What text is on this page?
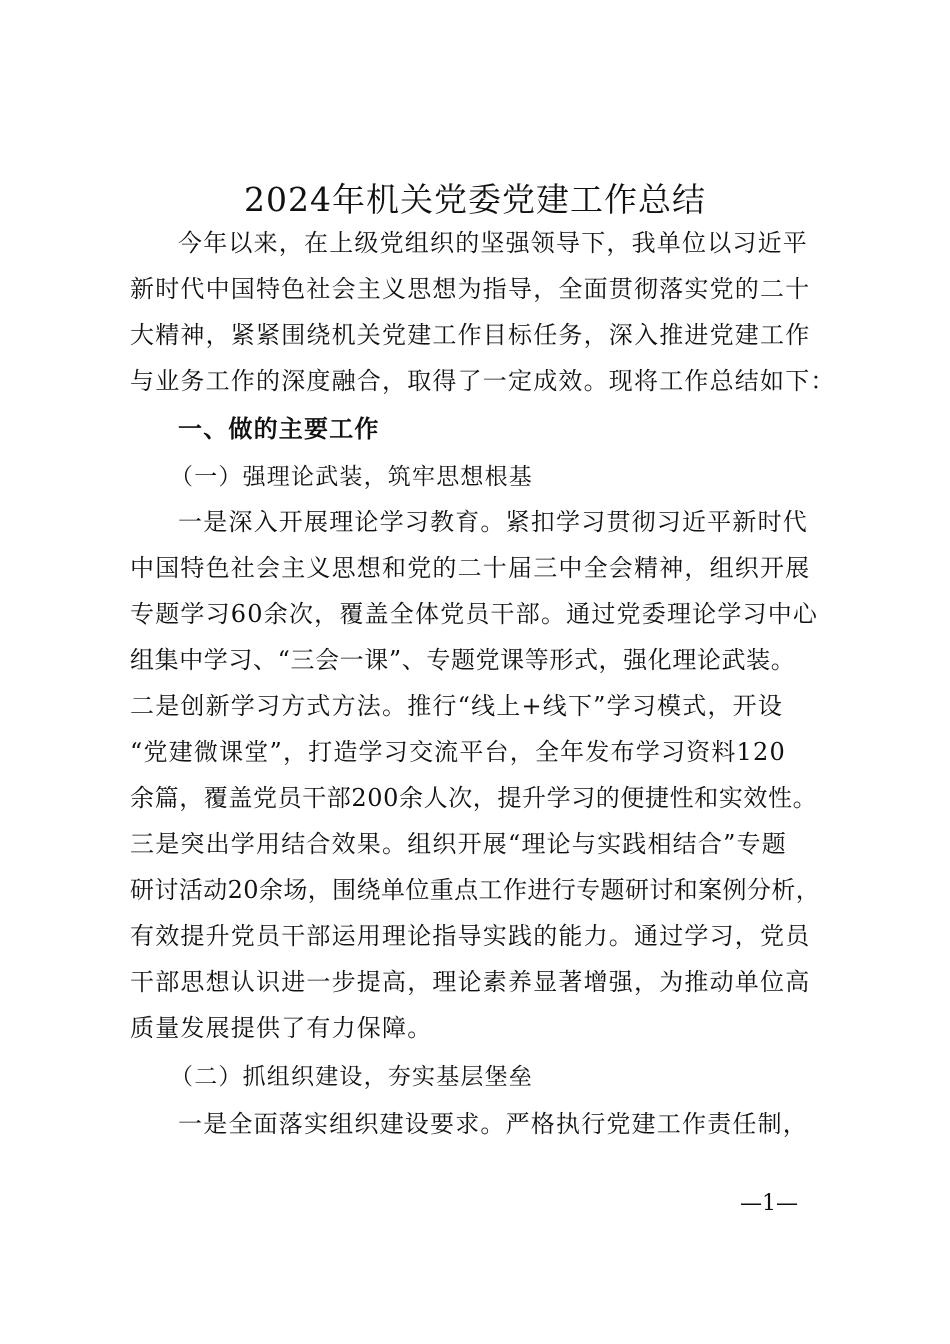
2024年机关党委党建工作总结
今年以来，在上级党组织的坚强领导下，我单位以习近平
新时代中国特色社会主义思想为指导，全面贯彻落实党的二十
大精神，紧紧围绕机关党建工作目标任务，深入推进党建工作
与业务工作的深度融合，取得了一定成效。现将工作总结如下：
一、做的主要工作
（一）强理论武装，筑牢思想根基
一是深入开展理论学习教育。紧扣学习贯彻习近平新时代
中国特色社会主义思想和党的二十届三中全会精神，组织开展
专题学习60余次，覆盖全体党员干部。通过党委理论学习中心
组集中学习、“三会一课”、专题党课等形式，强化理论武装。
二是创新学习方式方法。推行“线上+线下”学习模式，开设
“党建微课堂”，打造学习交流平台，全年发布学习资料120
余篇，覆盖党员干部200余人次，提升学习的便捷性和实效性。
三是突出学用结合效果。组织开展“理论与实践相结合”专题
研讨活动20余场，围绕单位重点工作进行专题研讨和案例分析，
有效提升党员干部运用理论指导实践的能力。通过学习，党员
干部思想认识进一步提高，理论素养显著增强，为推动单位高
质量发展提供了有力保障。
（二）抓组织建设，夯实基层堡垒
一是全面落实组织建设要求。严格执行党建工作责任制，
—1—
